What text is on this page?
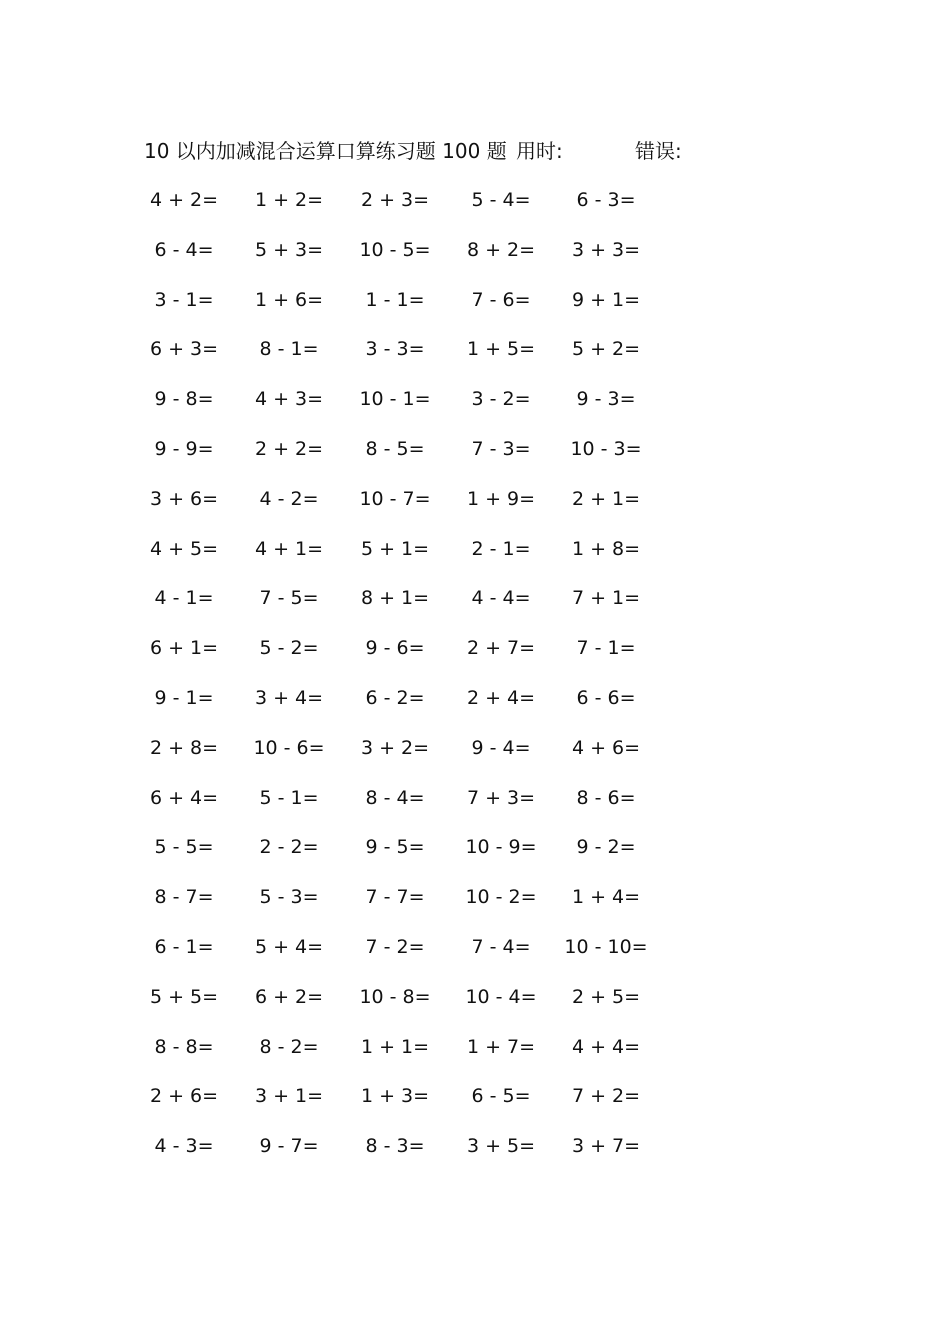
10 以内加减混合运算口算练习题 100 题 用时:	错误:
4 + 2=	1 + 2=	2 + 3=	5 - 4=	6 - 3=
6 - 4=	5 + 3=	10 - 5=	8 + 2=	3 + 3=
3 - 1=	1 + 6=	1 - 1=	7 - 6=	9 + 1=
6 + 3=	8 - 1=	3 - 3=	1 + 5=	5 + 2=
9 - 8=	4 + 3=	10 - 1=	3 - 2=	9 - 3=
9 - 9=	2 + 2=	8 - 5=	7 - 3=	10 - 3=
3 + 6=	4 - 2=	10 - 7=	1 + 9=	2 + 1=
4 + 5=	4 + 1=	5 + 1=	2 - 1=	1 + 8=
4 - 1=	7 - 5=	8 + 1=	4 - 4=	7 + 1=
6 + 1=	5 - 2=	9 - 6=	2 + 7=	7 - 1=
9 - 1=	3 + 4=	6 - 2=	2 + 4=	6 - 6=
2 + 8=	10 - 6=	3 + 2=	9 - 4=	4 + 6=
6 + 4=	5 - 1=	8 - 4=	7 + 3=	8 - 6=
5 - 5=	2 - 2=	9 - 5=	10 - 9=	9 - 2=
8 - 7=	5 - 3=	7 - 7=	10 - 2=	1 + 4=
6 - 1=	5 + 4=	7 - 2=	7 - 4=	10 - 10=
5 + 5=	6 + 2=	10 - 8=	10 - 4=	2 + 5=
8 - 8=	8 - 2=	1 + 1=	1 + 7=	4 + 4=
2 + 6=	3 + 1=	1 + 3=	6 - 5=	7 + 2=
4 - 3=	9 - 7=	8 - 3=	3 + 5=	3 + 7=
